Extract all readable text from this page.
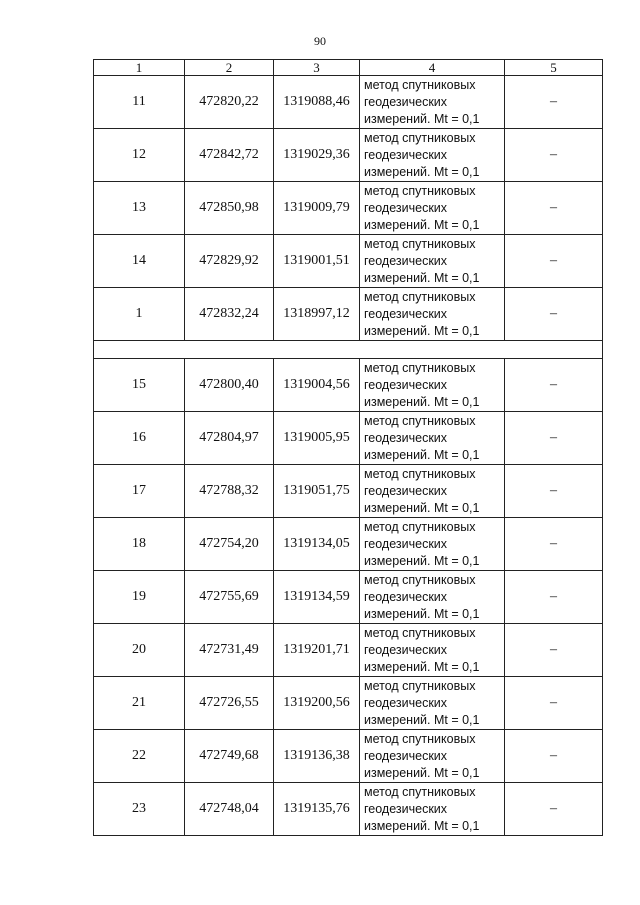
90
1	2	3	4	5
11	472820,22	1319088,46	метод спутниковых
геодезических
измерений. Mt = 0,1	–
12	472842,72	1319029,36	метод спутниковых
геодезических
измерений. Mt = 0,1	–
13	472850,98	1319009,79	метод спутниковых
геодезических
измерений. Mt = 0,1	–
14	472829,92	1319001,51	метод спутниковых
геодезических
измерений. Mt = 0,1	–
1	472832,24	1318997,12	метод спутниковых
геодезических
измерений. Mt = 0,1	–

15	472800,40	1319004,56	метод спутниковых
геодезических
измерений. Mt = 0,1	–
16	472804,97	1319005,95	метод спутниковых
геодезических
измерений. Mt = 0,1	–
17	472788,32	1319051,75	метод спутниковых
геодезических
измерений. Mt = 0,1	–
18	472754,20	1319134,05	метод спутниковых
геодезических
измерений. Mt = 0,1	–
19	472755,69	1319134,59	метод спутниковых
геодезических
измерений. Mt = 0,1	–
20	472731,49	1319201,71	метод спутниковых
геодезических
измерений. Mt = 0,1	–
21	472726,55	1319200,56	метод спутниковых
геодезических
измерений. Mt = 0,1	–
22	472749,68	1319136,38	метод спутниковых
геодезических
измерений. Mt = 0,1	–
23	472748,04	1319135,76	метод спутниковых
геодезических
измерений. Mt = 0,1	–
